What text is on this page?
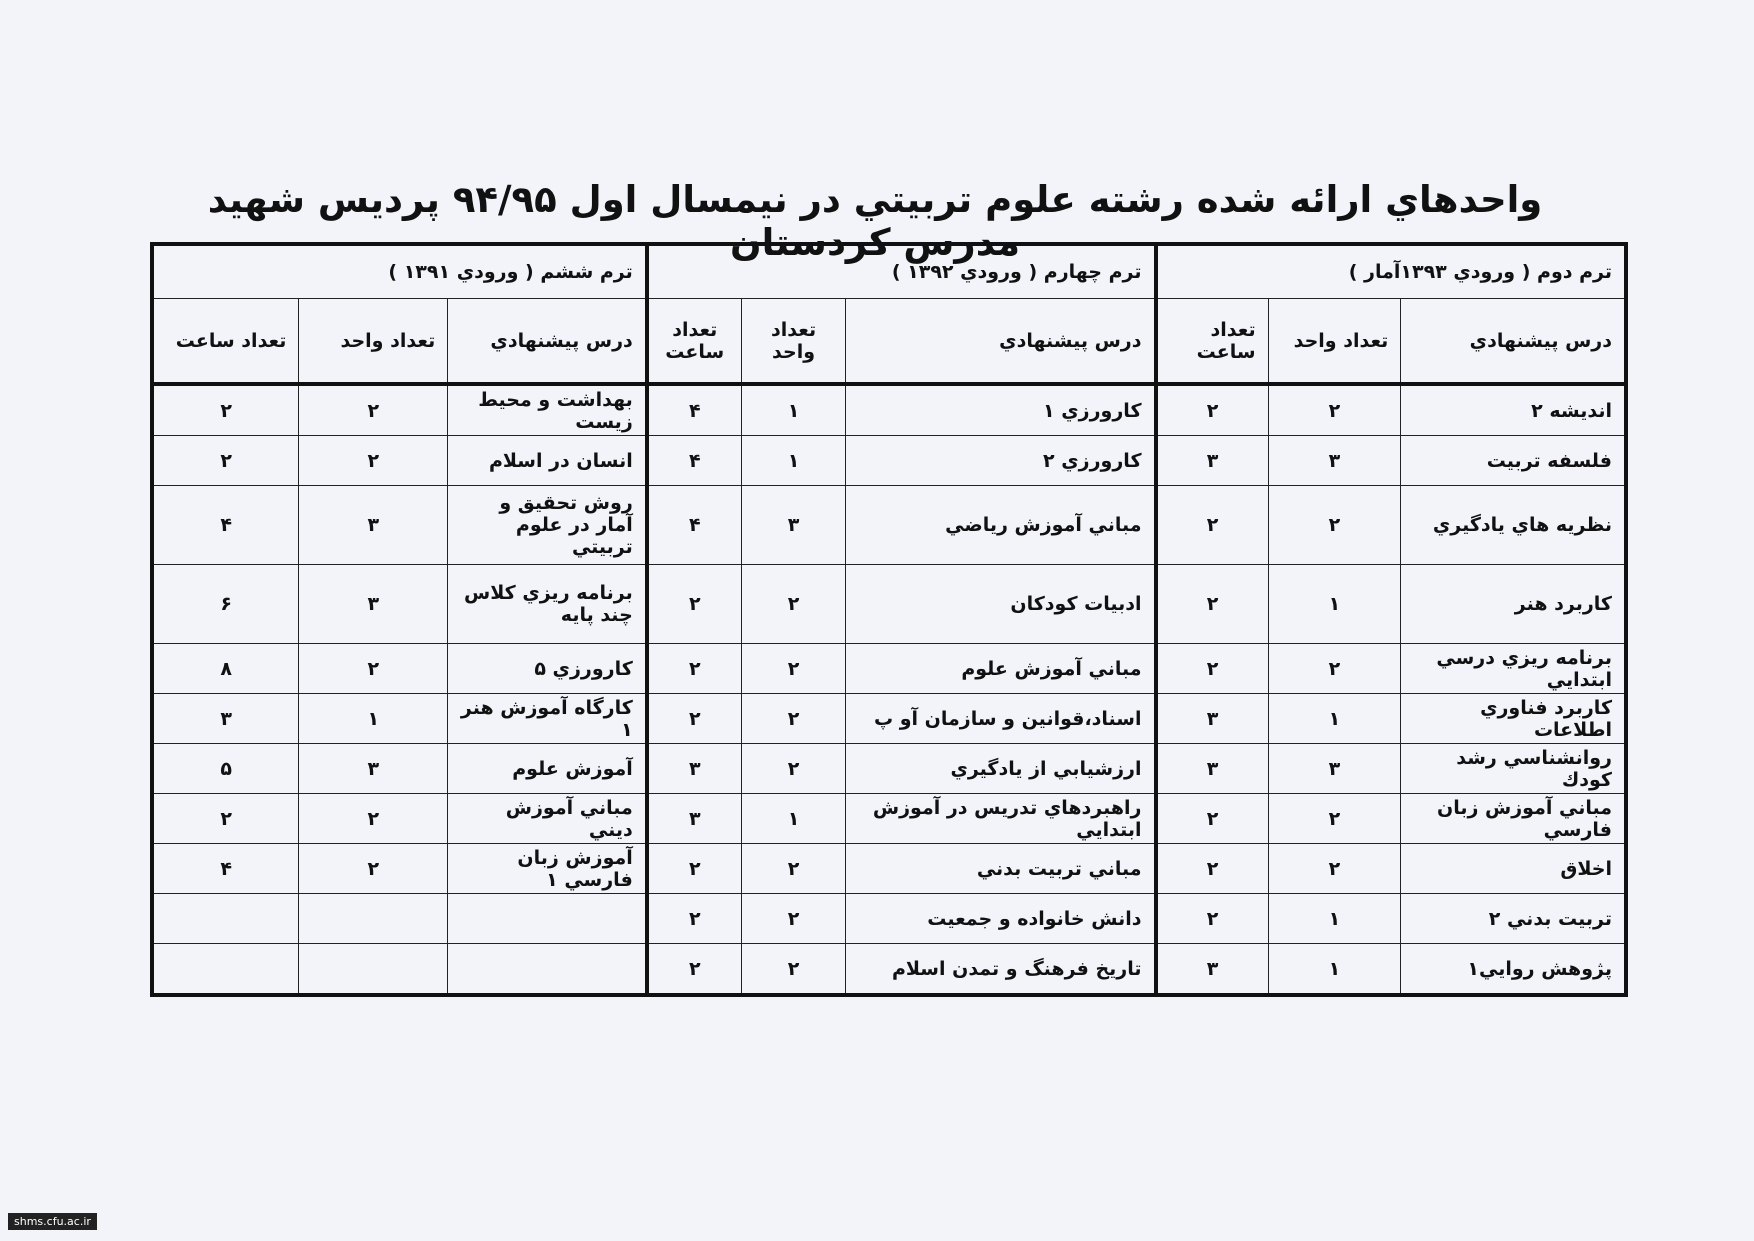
واحدهاي ارائه شده رشته علوم تربيتي در نيمسال اول ۹۴/۹۵ پرديس شهيد مدرس كردستان
ترم دوم ( ورودي ۱۳۹۳آمار )			ترم چهارم ( ورودي ۱۳۹۲ )			ترم ششم ( ورودي ۱۳۹۱ )		
درس پيشنهادي	تعداد واحد	تعداد ساعت	درس پيشنهادي	تعداد واحد	تعداد ساعت	درس پيشنهادي	تعداد واحد	تعداد ساعت
انديشه ۲	۲	۲	كارورزي ۱	۱	۴	بهداشت و محيط زيست	۲	۲
فلسفه تربيت	۳	۳	كارورزي ۲	۱	۴	انسان در اسلام	۲	۲
نظريه هاي يادگيري	۲	۲	مباني آموزش رياضي	۳	۴	روش تحقيق و آمار در علوم تربيتي	۳	۴
كاربرد هنر	۱	۲	ادبيات كودكان	۲	۲	برنامه ريزي كلاس چند پايه	۳	۶
برنامه ريزي درسي ابتدايي	۲	۲	مباني آموزش علوم	۲	۲	كارورزي ۵	۲	۸
كاربرد فناوري اطلاعات	۱	۳	اسناد،قوانين و سازمان آو پ	۲	۲	كارگاه آموزش هنر ۱	۱	۳
روانشناسي رشد كودك	۳	۳	ارزشيابي از يادگيري	۲	۳	آموزش علوم	۳	۵
مباني آموزش زبان فارسي	۲	۲	راهبردهاي تدريس در آموزش ابتدايي	۱	۳	مباني آموزش ديني	۲	۲
اخلاق	۲	۲	مباني تربيت بدني	۲	۲	آموزش زبان فارسي ۱	۲	۴
تربيت بدني ۲	۱	۲	دانش خانواده و جمعيت	۲	۲			
پژوهش روايي۱	۱	۳	تاريخ فرهنگ و تمدن اسلام	۲	۲			
shms.cfu.ac.ir
